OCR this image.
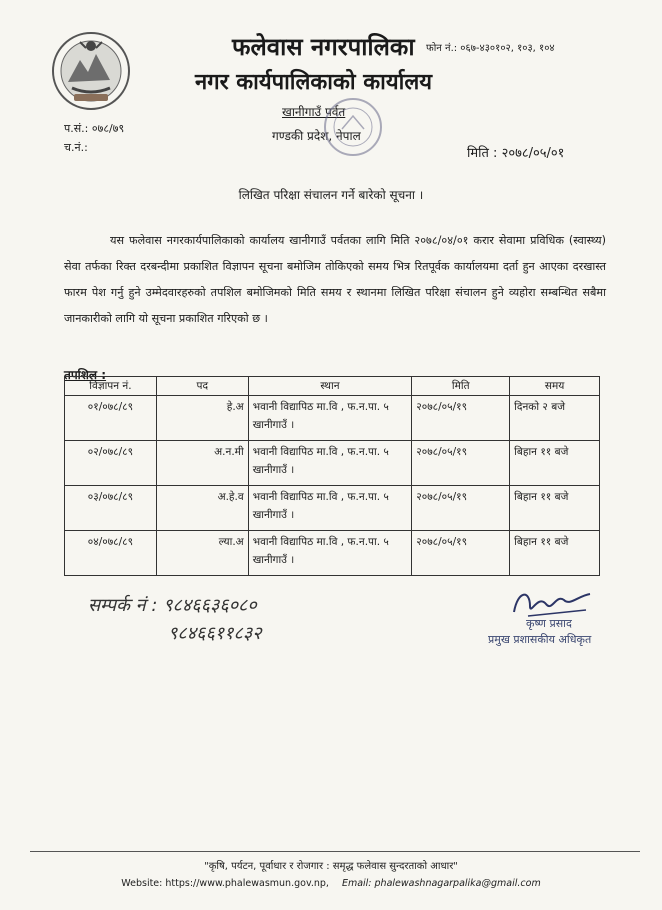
फलेवास नगरपालिका
नगर कार्यपालिकाको कार्यालय
फोन नं.: ०६७-४३०१०२, १०३, १०४
खानीगाउँ पर्वत
गण्डकी प्रदेश, नेपाल
प.सं.: ०७८/७९
च.नं.:	मिति : २०७८/०५/०१
लिखित परिक्षा संचालन गर्ने बारेको सूचना ।
यस फलेवास नगरकार्यपालिकाको कार्यालय खानीगाउँ पर्वतका लागि मिति २०७८/०४/०१ करार सेवामा प्रविधिक (स्वास्थ्य) सेवा तर्फका रिक्त दरबन्दीमा प्रकाशित विज्ञापन सूचना बमोजिम तोकिएको समय भित्र रितपूर्वक कार्यालयमा दर्ता हुन आएका दरखास्त फारम पेश गर्नु हुने उम्मेदवारहरुको तपशिल बमोजिमको मिति समय र स्थानमा लिखित परिक्षा संचालन हुने व्यहोरा सम्बन्धित सबैमा जानकारीको लागि यो सूचना प्रकाशित गरिएको छ ।
तपशिल :
विज्ञापन नं.	पद	स्थान	मिति	समय
०१/०७८/८९	हे.अ	भवानी विद्यापिठ मा.वि , फ.न.पा. ५ खानीगाउँ ।	२०७८/०५/१९	दिनको २ बजे
०२/०७८/८९	अ.न.मी	भवानी विद्यापिठ मा.वि , फ.न.पा. ५ खानीगाउँ ।	२०७८/०५/१९	बिहान ११ बजे
०३/०७८/८९	अ.हे.व	भवानी विद्यापिठ मा.वि , फ.न.पा. ५ खानीगाउँ ।	२०७८/०५/१९	बिहान ११ बजे
०४/०७८/८९	ल्या.अ	भवानी विद्यापिठ मा.वि , फ.न.पा. ५ खानीगाउँ ।	२०७८/०५/१९	बिहान ११ बजे
सम्पर्क नं : ९८४६६३६०८०
९८४६६११८३२	कृष्ण प्रसाद
प्रमुख प्रशासकीय अधिकृत
"कृषि, पर्यटन, पूर्वाधार र रोजगार : समृद्ध फलेवास सुन्दरताको आधार"
Website: https://www.phalewasmun.gov.np, Email: phalewashnagarpalika@gmail.com
